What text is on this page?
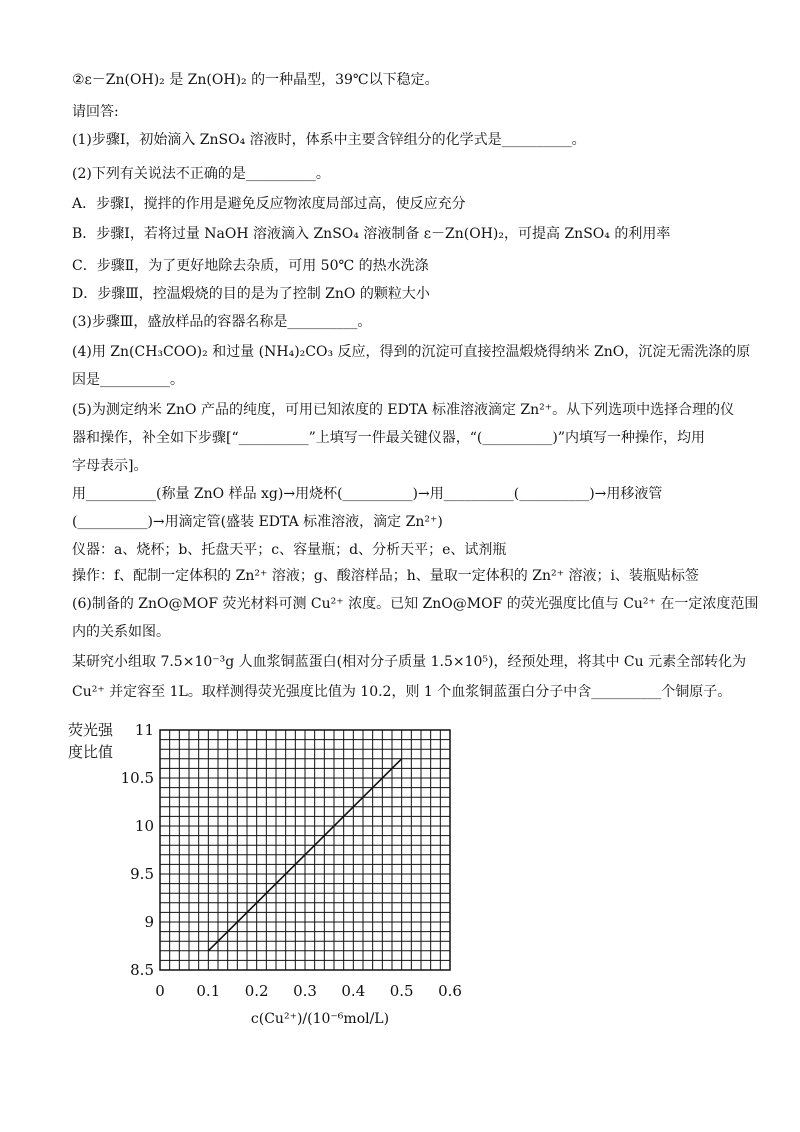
②ε－Zn(OH)₂ 是 Zn(OH)₂ 的一种晶型，39℃以下稳定。
请回答:
(1)步骤Ⅰ，初始滴入 ZnSO₄ 溶液时，体系中主要含锌组分的化学式是__________。
(2)下列有关说法不正确的是__________。
A．步骤Ⅰ，搅拌的作用是避免反应物浓度局部过高，使反应充分
B．步骤Ⅰ，若将过量 NaOH 溶液滴入 ZnSO₄ 溶液制备 ε－Zn(OH)₂，可提高 ZnSO₄ 的利用率
C．步骤Ⅱ，为了更好地除去杂质，可用 50℃ 的热水洗涤
D．步骤Ⅲ，控温煅烧的目的是为了控制 ZnO 的颗粒大小
(3)步骤Ⅲ，盛放样品的容器名称是__________。
(4)用 Zn(CH₃COO)₂ 和过量 (NH₄)₂CO₃ 反应，得到的沉淀可直接控温煅烧得纳米 ZnO，沉淀无需洗涤的原
因是__________。
(5)为测定纳米 ZnO 产品的纯度，可用已知浓度的 EDTA 标准溶液滴定 Zn²⁺。从下列选项中选择合理的仪
器和操作，补全如下步骤[“__________”上填写一件最关键仪器，“(__________)”内填写一种操作，均用
字母表示]。
用__________(称量 ZnO 样品 xg)→用烧杯(__________)→用__________(__________)→用移液管
(__________)→用滴定管(盛装 EDTA 标准溶液，滴定 Zn²⁺)
仪器：a、烧杯；b、托盘天平；c、容量瓶；d、分析天平；e、试剂瓶
操作：f、配制一定体积的 Zn²⁺ 溶液；g、酸溶样品；h、量取一定体积的 Zn²⁺ 溶液；i、装瓶贴标签
(6)制备的 ZnO@MOF 荧光材料可测 Cu²⁺ 浓度。已知 ZnO@MOF 的荧光强度比值与 Cu²⁺ 在一定浓度范围
内的关系如图。
某研究小组取 7.5×10⁻³g 人血浆铜蓝蛋白(相对分子质量 1.5×10⁵)，经预处理，将其中 Cu 元素全部转化为
Cu²⁺ 并定容至 1L。取样测得荧光强度比值为 10.2，则 1 个血浆铜蓝蛋白分子中含__________个铜原子。
0 0.1 0.2 0.3 0.4 0.5 0.6
8.5
9
9.5
10
10.5
11
荧光强
度比值
c(Cu²⁺)/(10⁻⁶mol/L)
